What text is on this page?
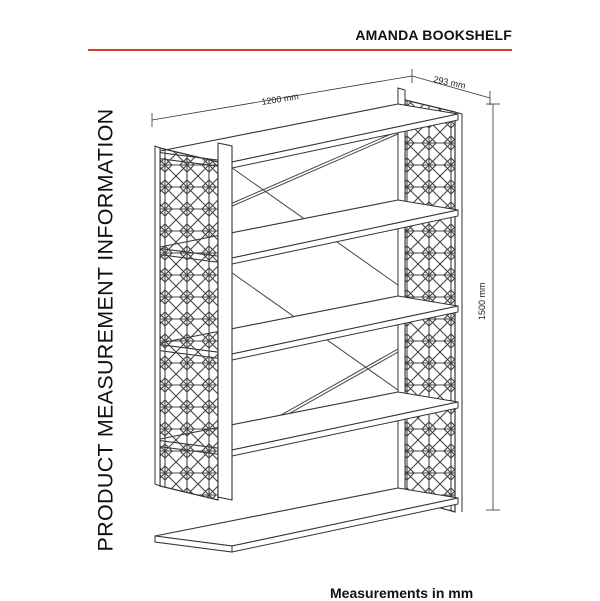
AMANDA BOOKSHELF
PRODUCT MEASUREMENT INFORMATION
1200 mm
293 mm
1500 mm
Measurements in mm
